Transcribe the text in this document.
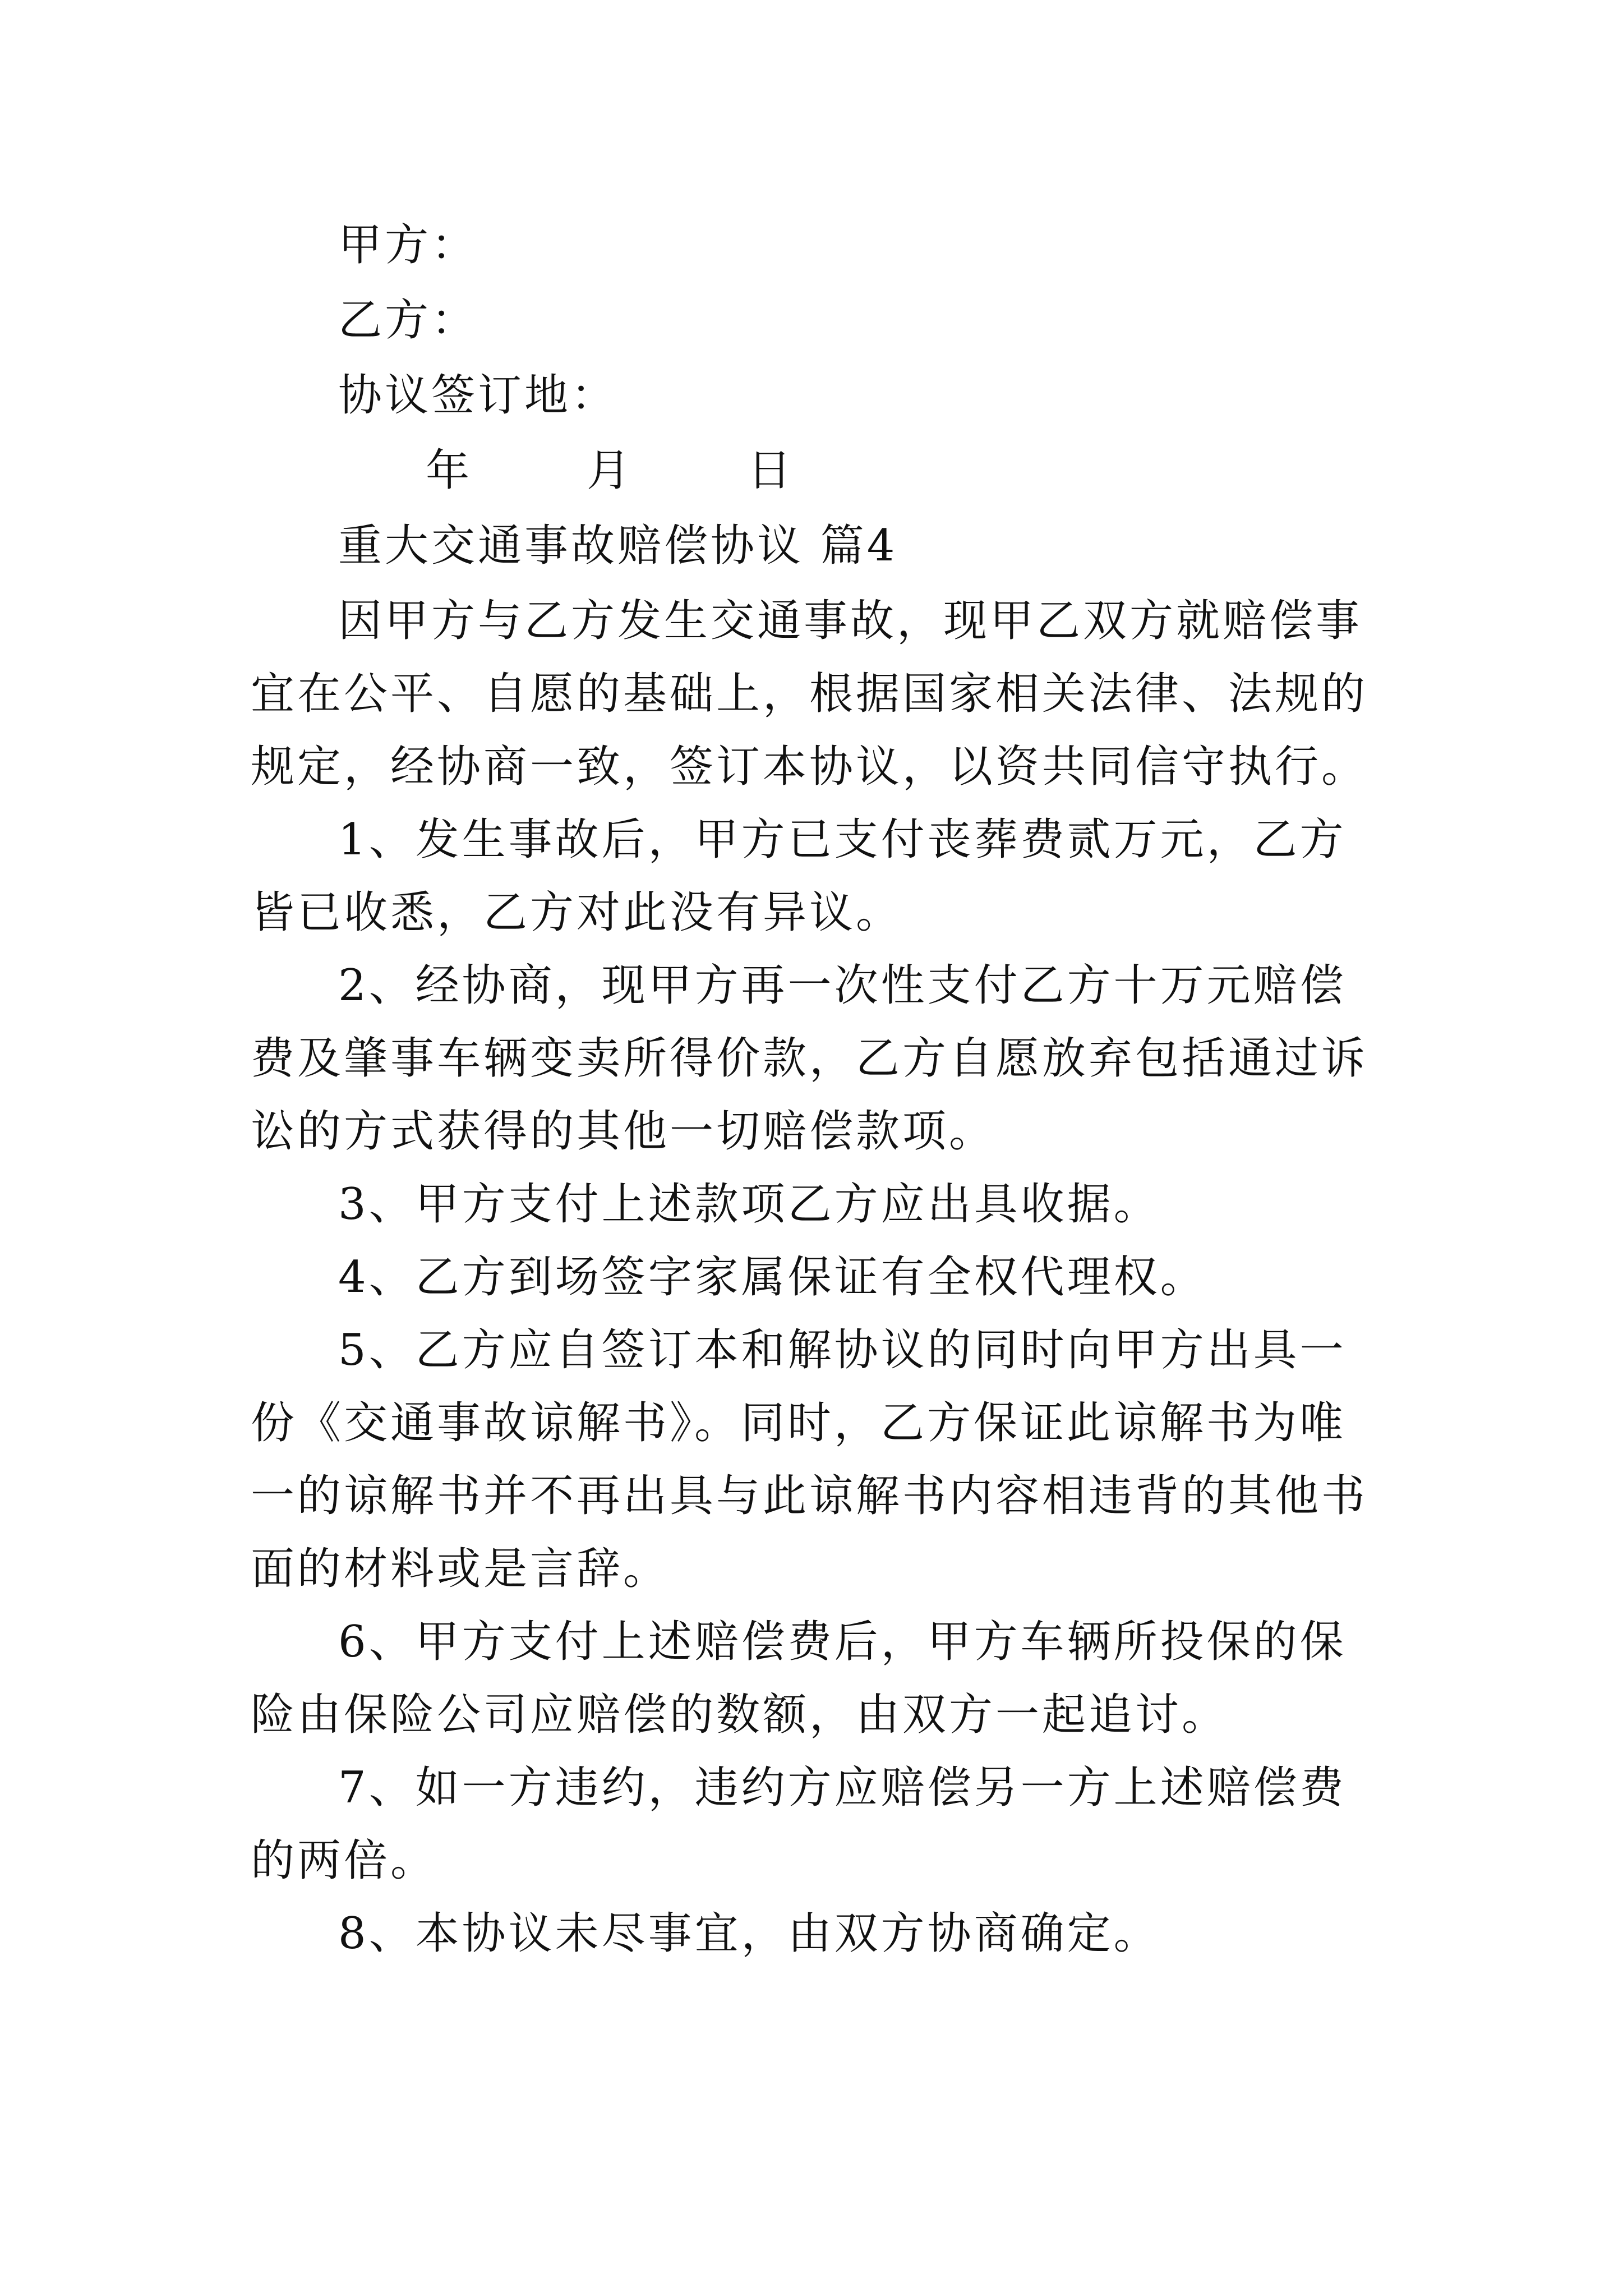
甲方：

乙方：

协议签订地：

年	月	日

重大交通事故赔偿协议 篇4

因甲方与乙方发生交通事故，现甲乙双方就赔偿事宜在公平、自愿的基础上，根据国家相关法律、法规的规定，经协商一致，签订本协议，以资共同信守执行。

1、发生事故后，甲方已支付丧葬费贰万元，乙方皆已收悉，乙方对此没有异议。

2、经协商，现甲方再一次性支付乙方十万元赔偿费及肇事车辆变卖所得价款，乙方自愿放弃包括通过诉讼的方式获得的其他一切赔偿款项。

3、甲方支付上述款项乙方应出具收据。

4、乙方到场签字家属保证有全权代理权。

5、乙方应自签订本和解协议的同时向甲方出具一份《交通事故谅解书》。同时，乙方保证此谅解书为唯一的谅解书并不再出具与此谅解书内容相违背的其他书面的材料或是言辞。

6、甲方支付上述赔偿费后，甲方车辆所投保的保险由保险公司应赔偿的数额，由双方一起追讨。

7、如一方违约，违约方应赔偿另一方上述赔偿费的两倍。

8、本协议未尽事宜，由双方协商确定。
